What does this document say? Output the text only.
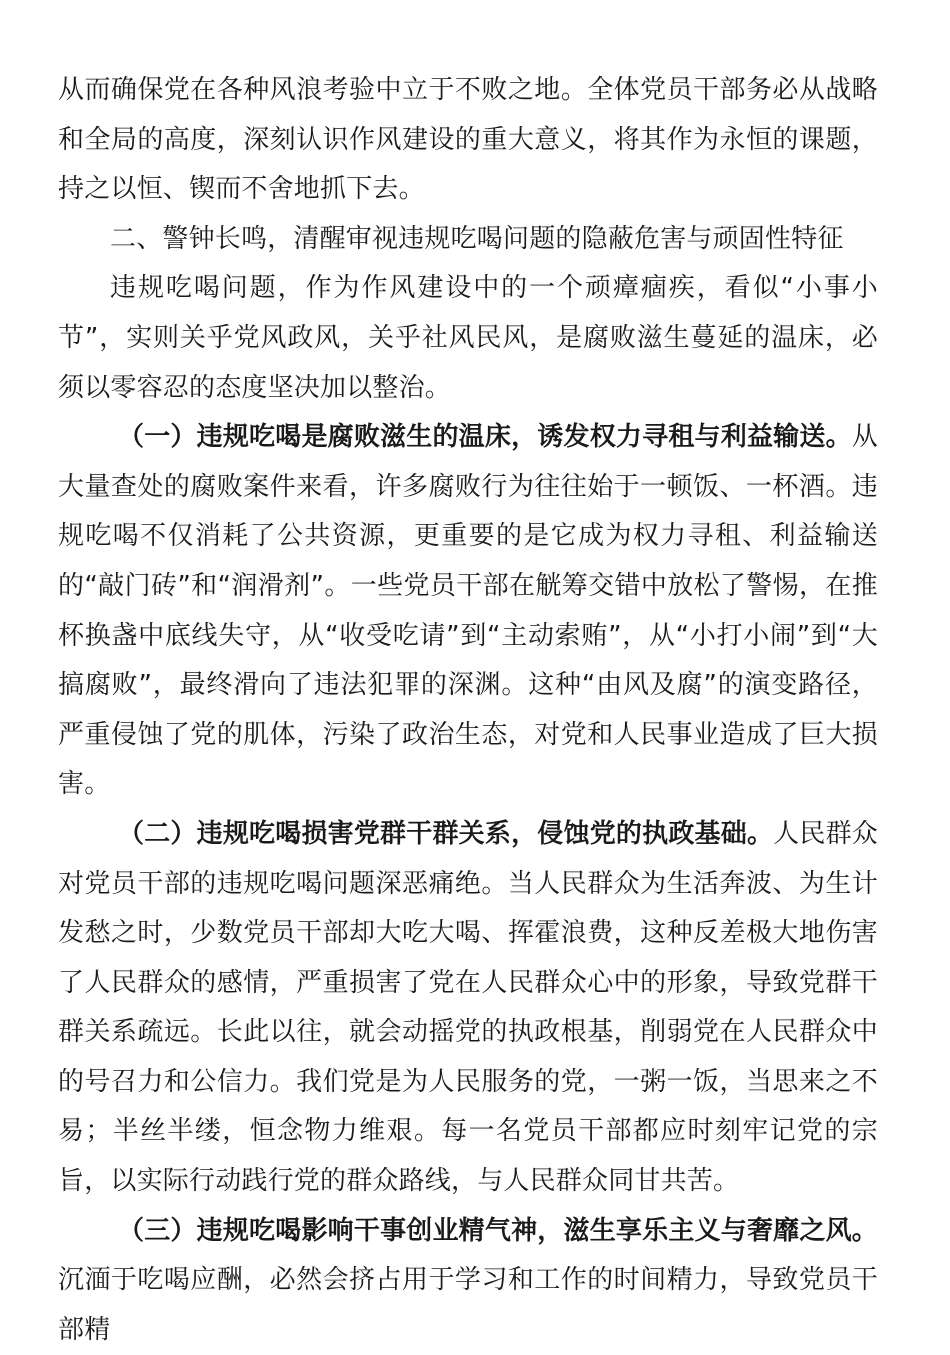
从而确保党在各种风浪考验中立于不败之地。全体党员干部务必从战略和全局的高度，深刻认识作风建设的重大意义，将其作为永恒的课题，持之以恒、锲而不舍地抓下去。

二、警钟长鸣，清醒审视违规吃喝问题的隐蔽危害与顽固性特征

违规吃喝问题，作为作风建设中的一个顽瘴痼疾，看似“小事小节”，实则关乎党风政风，关乎社风民风，是腐败滋生蔓延的温床，必须以零容忍的态度坚决加以整治。

（一）违规吃喝是腐败滋生的温床，诱发权力寻租与利益输送。从大量查处的腐败案件来看，许多腐败行为往往始于一顿饭、一杯酒。违规吃喝不仅消耗了公共资源，更重要的是它成为权力寻租、利益输送的“敲门砖”和“润滑剂”。一些党员干部在觥筹交错中放松了警惕，在推杯换盏中底线失守，从“收受吃请”到“主动索贿”，从“小打小闹”到“大搞腐败”，最终滑向了违法犯罪的深渊。这种“由风及腐”的演变路径，严重侵蚀了党的肌体，污染了政治生态，对党和人民事业造成了巨大损害。

（二）违规吃喝损害党群干群关系，侵蚀党的执政基础。人民群众对党员干部的违规吃喝问题深恶痛绝。当人民群众为生活奔波、为生计发愁之时，少数党员干部却大吃大喝、挥霍浪费，这种反差极大地伤害了人民群众的感情，严重损害了党在人民群众心中的形象，导致党群干群关系疏远。长此以往，就会动摇党的执政根基，削弱党在人民群众中的号召力和公信力。我们党是为人民服务的党，一粥一饭，当思来之不易；半丝半缕，恒念物力维艰。每一名党员干部都应时刻牢记党的宗旨，以实际行动践行党的群众路线，与人民群众同甘共苦。

（三）违规吃喝影响干事创业精气神，滋生享乐主义与奢靡之风。沉湎于吃喝应酬，必然会挤占用于学习和工作的时间精力，导致党员干部精
